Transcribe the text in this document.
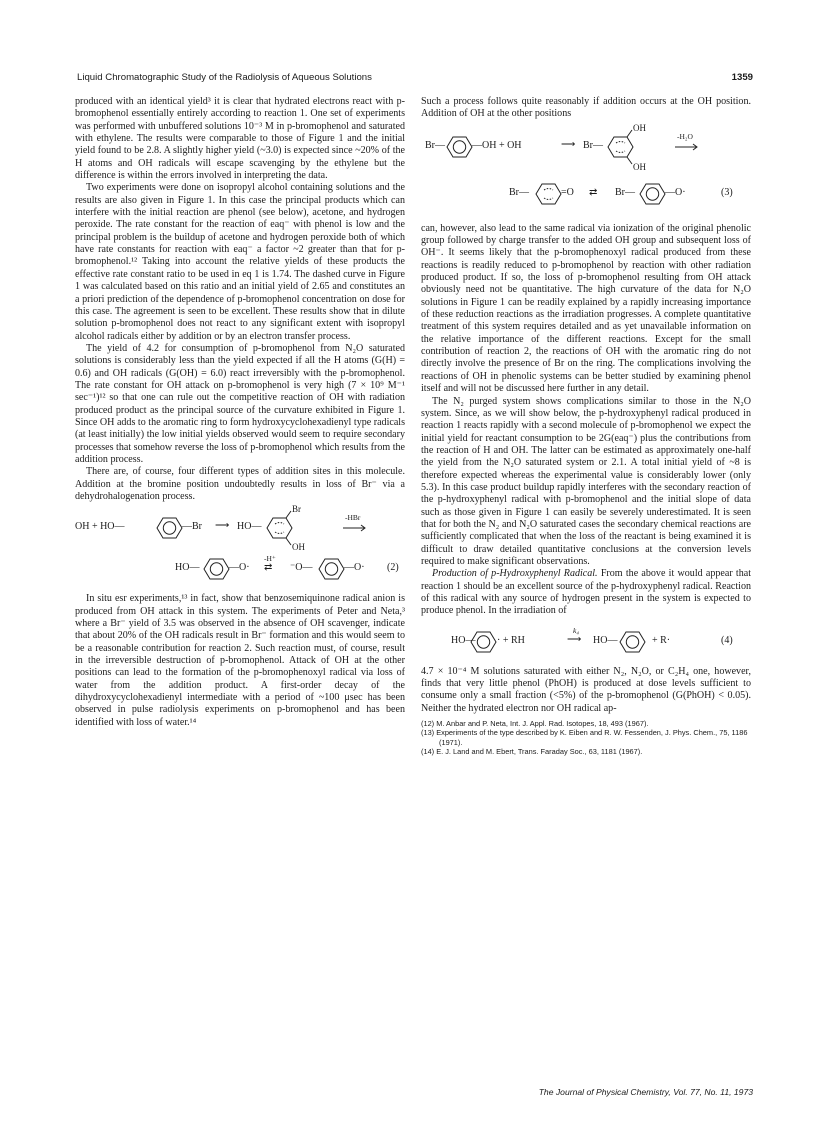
Liquid Chromatographic Study of the Radiolysis of Aqueous Solutions	1359

produced with an identical yield³ it is clear that hydrated electrons react with p-bromophenol essentially entirely according to reaction 1. One set of experiments was performed with unbuffered solutions 10⁻³ M in p-bromophenol and saturated with ethylene. The results were comparable to those of Figure 1 and the initial yield found to be 2.8. A slightly higher yield (~3.0) is expected since ~20% of the H atoms and OH radicals will escape scavenging by the ethylene but the difference is within the errors involved in interpreting the data.

Two experiments were done on isopropyl alcohol containing solutions and the results are also given in Figure 1. In this case the principal products which can interfere with the initial reaction are phenol (see below), acetone, and hydrogen peroxide. The rate constant for the reaction of eaq⁻ with phenol is low and the principal problem is the buildup of acetone and hydrogen peroxide both of which have rate constants for reaction with eaq⁻ a factor ~2 greater than that for p-bromophenol.¹² Taking into account the relative yields of these products the effective rate constant ratio to be used in eq 1 is 1.74. The dashed curve in Figure 1 was calculated based on this ratio and an initial yield of 2.65 and constitutes an a priori prediction of the dependence of p-bromophenol concentration on dose for this case. The agreement is seen to be excellent. These results show that in dilute solution p-bromophenol does not react to any significant extent with isopropyl alcohol radicals either by addition or by an electron transfer process.

The yield of 4.2 for consumption of p-bromophenol from N₂O saturated solutions is considerably less than the yield expected if all the H atoms (G(H) = 0.6) and OH radicals (G(OH) = 6.0) react irreversibly with the p-bromophenol. The rate constant for OH attack on p-bromophenol is very high (7 × 10⁹ M⁻¹ sec⁻¹)¹² so that one can rule out the competitive reaction of OH with radiation produced product as the principal source of the curvature exhibited in Figure 1. Since OH adds to the aromatic ring to form hydroxycyclohexadienyl type radicals (at least initially) the low initial yields observed would seem to require secondary processes that somehow reverse the loss of p-bromophenol which results from the addition process.

There are, of course, four different types of addition sites in this molecule. Addition at the bromine position undoubtedly results in loss of Br⁻ via a dehydrohalogenation process.

OH + HO—	—Br ⟶ HO—
Br
OH
-HBr
HO—	—O·
-H⁺
⇄ ⁻O—	—O· (2)

In situ esr experiments,¹³ in fact, show that benzosemiquinone radical anion is produced from OH attack in this system. The experiments of Peter and Neta,³ where a Br⁻ yield of 3.5 was observed in the absence of OH scavenger, indicate that about 20% of the OH radicals result in Br⁻ formation and this would seem to be a reasonable contribution for reaction 2. Such reaction must, of course, result in the irreversible destruction of p-bromophenol. Attack of OH at the other positions can lead to the formation of the p-bromophenoxyl radical via loss of water from the addition product. A first-order decay of the dihydroxycyclohexadienyl intermediate with a period of ~100 μsec has been observed in pulse radiolysis experiments on p-bromophenol and has been identified with loss of water.¹⁴

Such a process follows quite reasonably if addition occurs at the OH position. Addition of OH at the other positions

Br—	—OH + OH	⟶ Br—
OH
OH
-H₂O
Br—	=O ⇄ Br—	—O·	(3)

can, however, also lead to the same radical via ionization of the original phenolic group followed by charge transfer to the added OH group and subsequent loss of OH⁻. It seems likely that the p-bromophenoxyl radical produced from these reactions is readily reduced to p-bromophenol by reaction with other radiation produced product. If so, the loss of p-bromophenol resulting from OH attack obviously need not be quantitative. The high curvature of the data for N₂O solutions in Figure 1 can be readily explained by a rapidly increasing importance of these reduction reactions as the irradiation progresses. A complete quantitative treatment of this system requires detailed and as yet unavailable information on the relative importance of the different reactions. Except for the small contribution of reaction 2, the reactions of OH with the aromatic ring do not directly involve the presence of Br on the ring. The complications involving the reactions of OH in phenolic systems can be better studied by examining phenol itself and will not be discussed here further in any detail.

The N₂ purged system shows complications similar to those in the N₂O system. Since, as we will show below, the p-hydroxyphenyl radical produced in reaction 1 reacts rapidly with a second molecule of p-bromophenol we expect the initial yield for reactant consumption to be 2G(eaq⁻) plus the contributions from the reaction of H and OH. The latter can be estimated as approximately one-half the yield from the N₂O saturated system or 2.1. A total initial yield of ~8 is therefore expected whereas the experimental value is considerably lower (only 5.3). In this case product buildup rapidly interferes with the secondary reaction of the p-hydroxyphenyl radical with p-bromophenol and the initial slope of data such as those given in Figure 1 can easily be severely underestimated. It is seen that for both the N₂ and N₂O saturated cases the secondary chemical reactions are sufficiently complicated that when the loss of the reactant is being examined it is difficult to draw detailed quantitative conclusions at the conversion levels required to make significant observations.

Production of p-Hydroxyphenyl Radical. From the above it would appear that reaction 1 should be an excellent source of the p-hydroxyphenyl radical. Reaction of this radical with any source of hydrogen present in the system is expected to produce phenol. In the irradiation of

HO— · + RH
k₄
⟶ HO—	+ R·	(4)

4.7 × 10⁻⁴ M solutions saturated with either N₂, N₂O, or C₂H₄ one, however, finds that very little phenol (PhOH) is produced at dose levels sufficient to consume only a small fraction (<5%) of the p-bromophenol (G(PhOH) < 0.05). Neither the hydrated electron nor OH radical ap-

(12) M. Anbar and P. Neta, Int. J. Appl. Rad. Isotopes, 18, 493 (1967).
(13) Experiments of the type described by K. Eiben and R. W. Fessenden, J. Phys. Chem., 75, 1186 (1971).
(14) E. J. Land and M. Ebert, Trans. Faraday Soc., 63, 1181 (1967).
The Journal of Physical Chemistry, Vol. 77, No. 11, 1973
